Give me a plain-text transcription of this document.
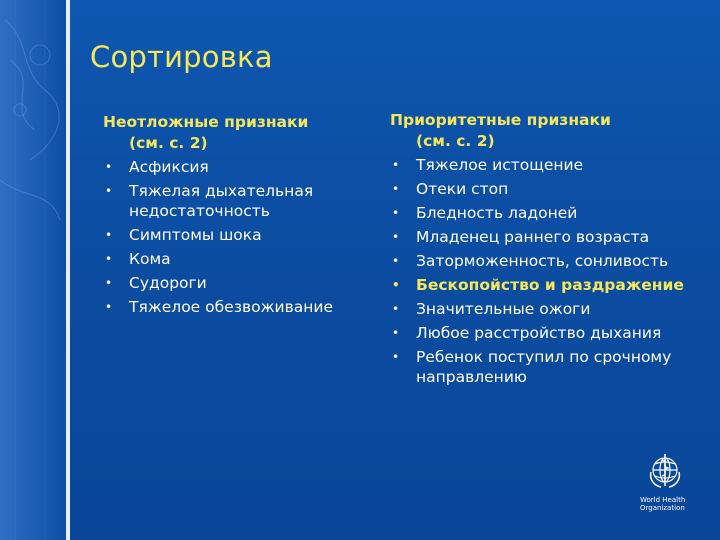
Сортировка
Неотложные признаки
(см. с. 2)
• Асфиксия
• Тяжелая дыхательная недостаточность
• Симптомы шока
• Кома
• Судороги
• Тяжелое обезвоживание
Приоритетные признаки
(см. с. 2)
• Тяжелое истощение
• Отеки стоп
• Бледность ладоней
• Младенец раннего возраста
• Заторможенность, сонливость
• Бескопойство и раздражение
• Значительные ожоги
• Любое расстройство дыхания
• Ребенок поступил по срочному направлению
World Health
Organization
